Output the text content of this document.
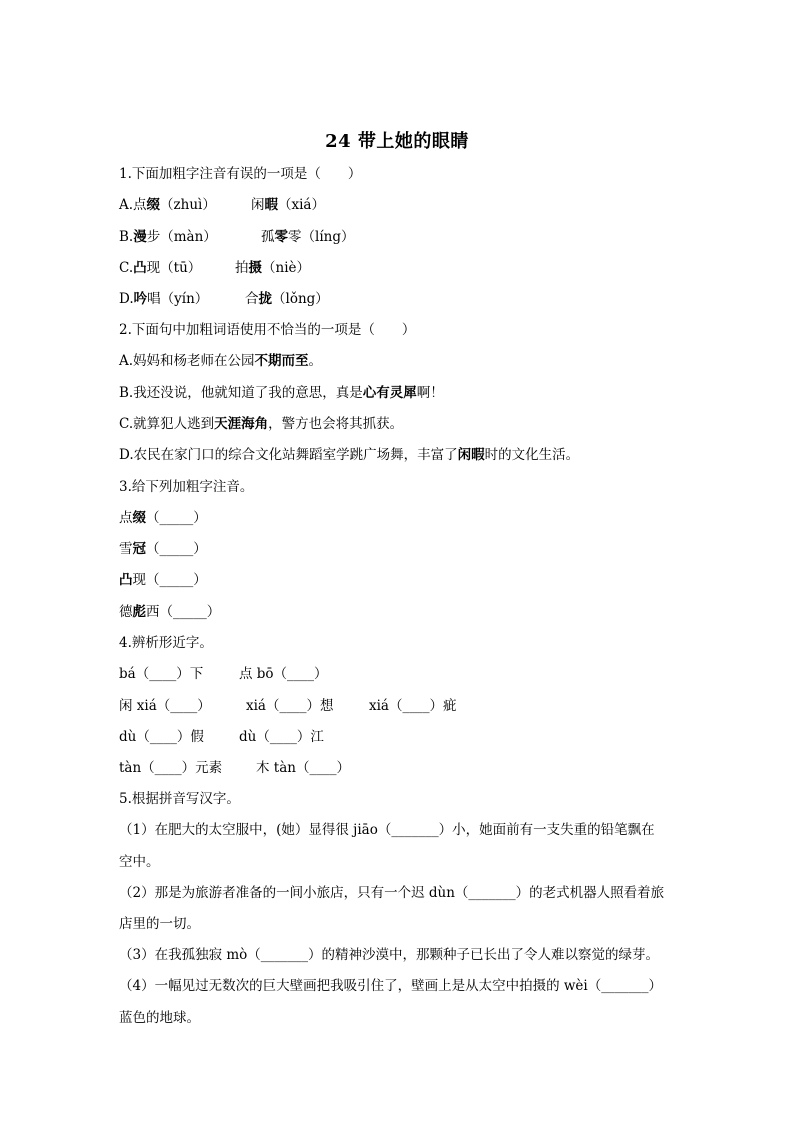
24 带上她的眼睛
1.下面加粗字注音有误的一项是（　　）
A.点缀（zhuì）	闲暇（xiá）
B.漫步（màn）	孤零零（líng）
C.凸现（tū） 拍摄（niè）
D.吟唱（yín）	合拢（lǒng）
2.下面句中加粗词语使用不恰当的一项是（　　）
A.妈妈和杨老师在公园不期而至。
B.我还没说，他就知道了我的意思，真是心有灵犀啊！
C.就算犯人逃到天涯海角，警方也会将其抓获。
D.农民在家门口的综合文化站舞蹈室学跳广场舞，丰富了闲暇时的文化生活。
3.给下列加粗字注音。
点缀（_____）
雪冠（_____）
凸现（_____）
德彪西（_____）
4.辨析形近字。
bá（____）下	点 bō（____）
闲 xiá（____）	xiá（____）想	xiá（____）疵
dù（____）假	dù（____）江
tàn（____）元素	木 tàn（____）
5.根据拼音写汉字。
（1）在肥大的太空服中，(她）显得很 jiāo（_______）小，她面前有一支失重的铅笔飘在
空中。
（2）那是为旅游者准备的一间小旅店，只有一个迟 dùn（_______）的老式机器人照看着旅
店里的一切。
（3）在我孤独寂 mò（_______）的精神沙漠中，那颗种子已长出了令人难以察觉的绿芽。
（4）一幅见过无数次的巨大壁画把我吸引住了，壁画上是从太空中拍摄的 wèi（_______）
蓝色的地球。
